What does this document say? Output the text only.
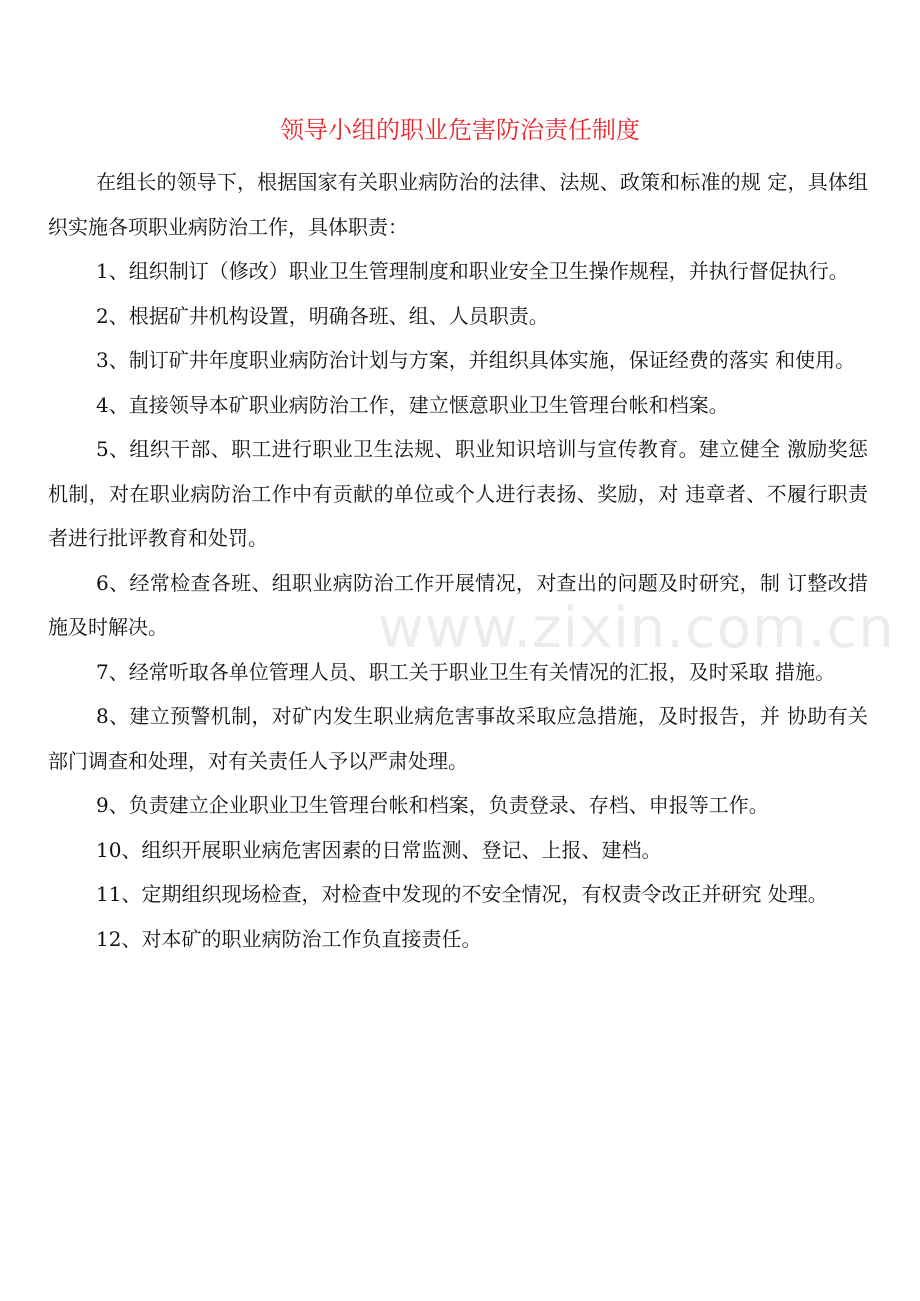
领导小组的职业危害防治责任制度

在组长的领导下，根据国家有关职业病防治的法律、法规、政策和标准的规 定，具体组织实施各项职业病防治工作，具体职责：

1、组织制订（修改）职业卫生管理制度和职业安全卫生操作规程，并执行督促执行。

2、根据矿井机构设置，明确各班、组、人员职责。

3、制订矿井年度职业病防治计划与方案，并组织具体实施，保证经费的落实 和使用。

4、直接领导本矿职业病防治工作，建立惬意职业卫生管理台帐和档案。

5、组织干部、职工进行职业卫生法规、职业知识培训与宣传教育。建立健全 激励奖惩机制，对在职业病防治工作中有贡献的单位或个人进行表扬、奖励，对 违章者、不履行职责者进行批评教育和处罚。

6、经常检查各班、组职业病防治工作开展情况，对查出的问题及时研究，制 订整改措施及时解决。

7、经常听取各单位管理人员、职工关于职业卫生有关情况的汇报，及时采取 措施。

8、建立预警机制，对矿内发生职业病危害事故采取应急措施，及时报告，并 协助有关部门调查和处理，对有关责任人予以严肃处理。

9、负责建立企业职业卫生管理台帐和档案，负责登录、存档、申报等工作。

10、组织开展职业病危害因素的日常监测、登记、上报、建档。

11、定期组织现场检查，对检查中发现的不安全情况，有权责令改正并研究 处理。

12、对本矿的职业病防治工作负直接责任。

www.zixin.com.cn
